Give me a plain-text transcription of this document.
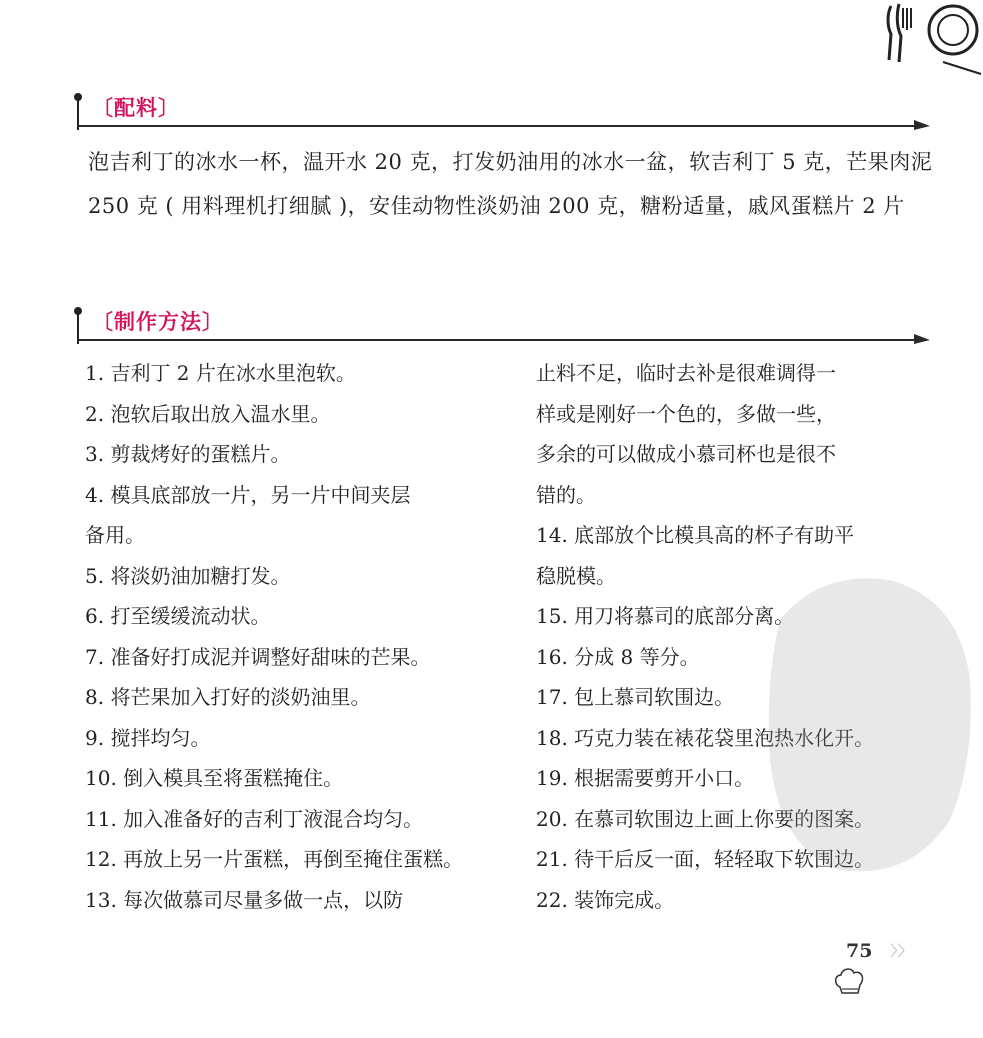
〔配料〕
泡吉利丁的冰水一杯，温开水 20 克，打发奶油用的冰水一盆，软吉利丁 5 克，芒果肉泥 250 克 ( 用料理机打细腻 )，安佳动物性淡奶油 200 克，糖粉适量，戚风蛋糕片 2 片
〔制作方法〕
1. 吉利丁 2 片在冰水里泡软。
2. 泡软后取出放入温水里。
3. 剪裁烤好的蛋糕片。
4. 模具底部放一片，另一片中间夹层
备用。
5. 将淡奶油加糖打发。
6. 打至缓缓流动状。
7. 准备好打成泥并调整好甜味的芒果。
8. 将芒果加入打好的淡奶油里。
9. 搅拌均匀。
10. 倒入模具至将蛋糕掩住。
11. 加入准备好的吉利丁液混合均匀。
12. 再放上另一片蛋糕，再倒至掩住蛋糕。
13. 每次做慕司尽量多做一点，以防
止料不足，临时去补是很难调得一
样或是刚好一个色的，多做一些，
多余的可以做成小慕司杯也是很不
错的。
14. 底部放个比模具高的杯子有助平
稳脱模。
15. 用刀将慕司的底部分离。
16. 分成 8 等分。
17. 包上慕司软围边。
18. 巧克力装在裱花袋里泡热水化开。
19. 根据需要剪开小口。
20. 在慕司软围边上画上你要的图案。
21. 待干后反一面，轻轻取下软围边。
22. 装饰完成。
75 〉〉
